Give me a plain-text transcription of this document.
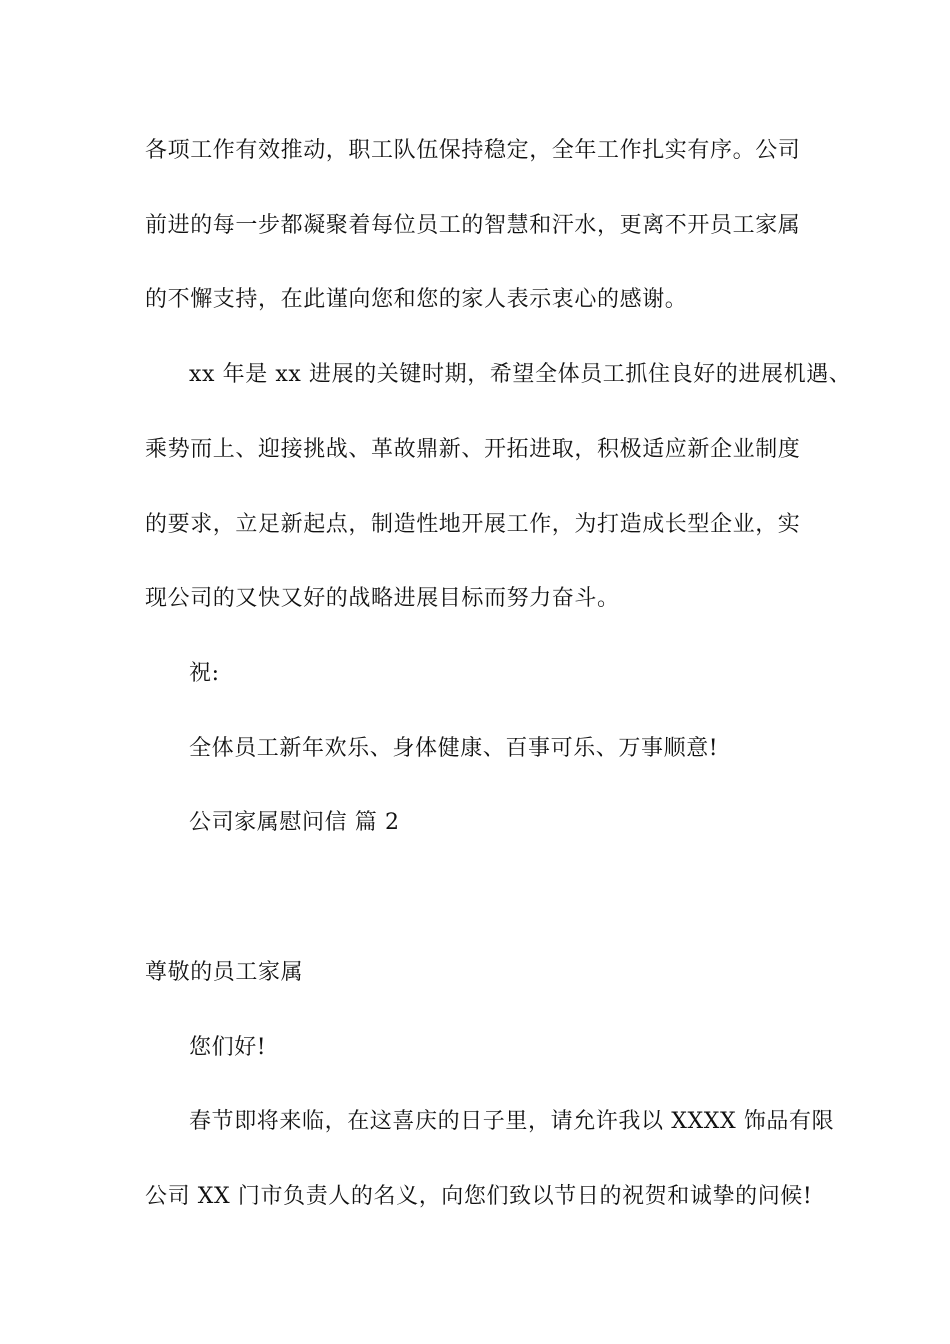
各项工作有效推动，职工队伍保持稳定，全年工作扎实有序。公司
前进的每一步都凝聚着每位员工的智慧和汗水，更离不开员工家属
的不懈支持，在此谨向您和您的家人表示衷心的感谢。
xx 年是 xx 进展的关键时期，希望全体员工抓住良好的进展机遇、
乘势而上、迎接挑战、革故鼎新、开拓进取，积极适应新企业制度
的要求，立足新起点，制造性地开展工作，为打造成长型企业，实
现公司的又快又好的战略进展目标而努力奋斗。
祝:
全体员工新年欢乐、身体健康、百事可乐、万事顺意!
公司家属慰问信 篇 2
尊敬的员工家属
您们好!
春节即将来临，在这喜庆的日子里，请允许我以 XXXX 饰品有限
公司 XX 门市负责人的名义，向您们致以节日的祝贺和诚挚的问候!
